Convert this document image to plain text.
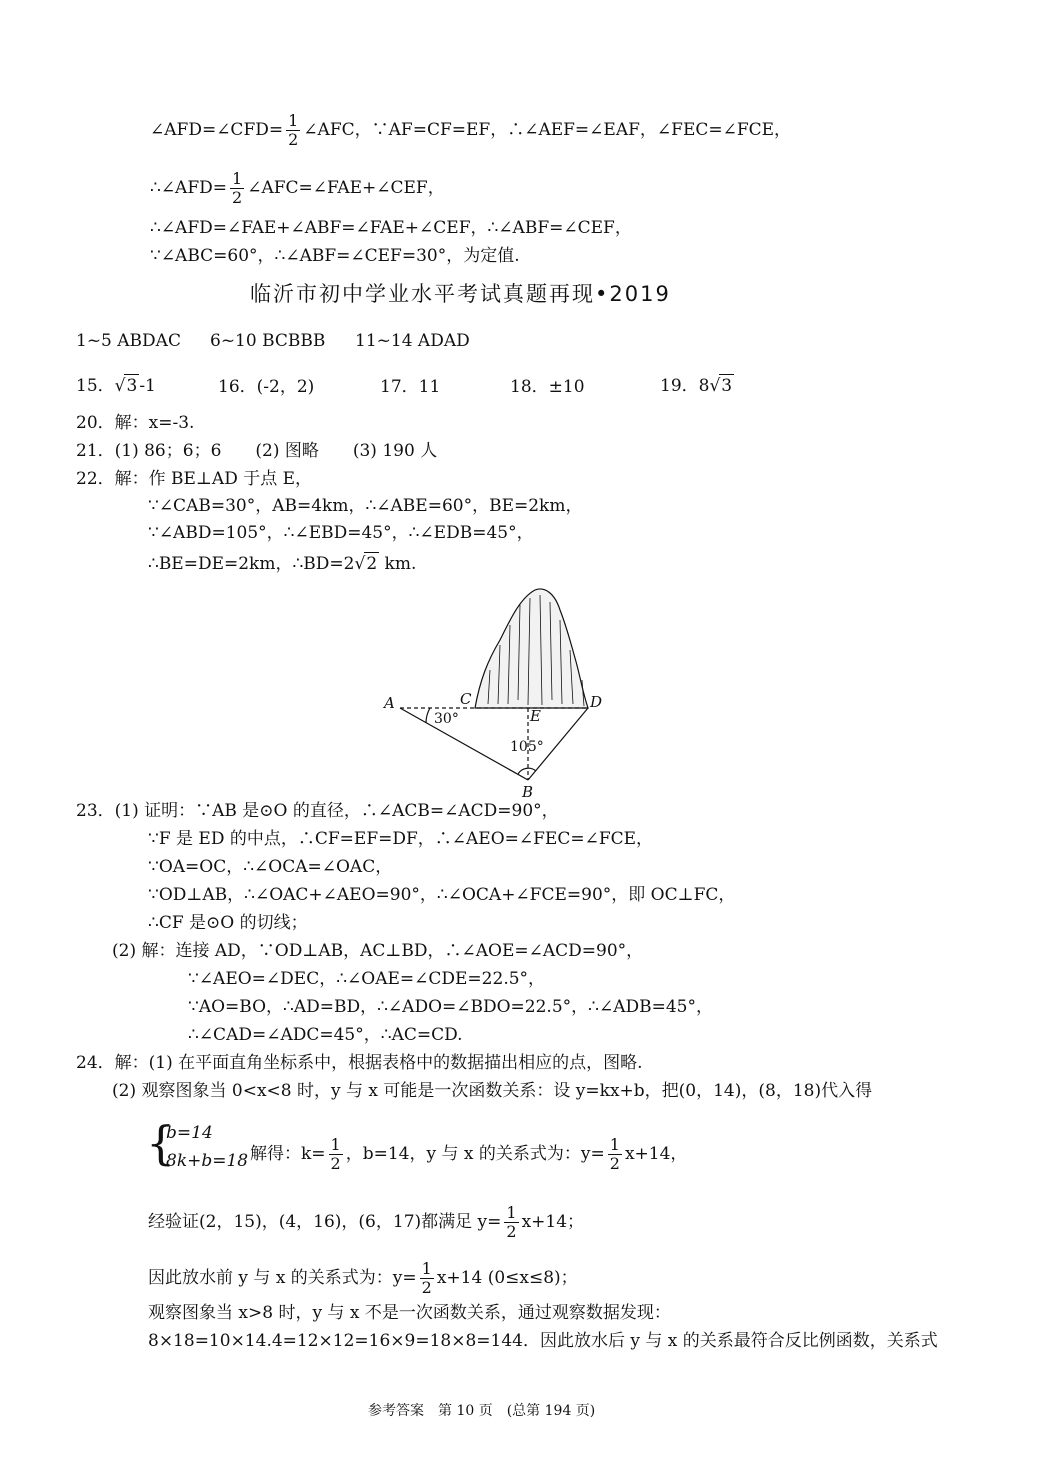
∠AFD=∠CFD= $\frac{1}{2}$ ∠AFC，∵AF=CF=EF，∴∠AEF=∠EAF，∠FEC=∠FCE，
∴∠AFD= $\frac{1}{2}$ ∠AFC=∠FAE+∠CEF，
∴∠AFD=∠FAE+∠ABF=∠FAE+∠CEF，∴∠ABF=∠CEF，
∵∠ABC=60°，∴∠ABF=∠CEF=30°，为定值.
临沂市初中学业水平考试真题再现•2019
1~5 ABDAC 6~10 BCBBB 11~14 ADAD
15．√3 -1	16．(-2，2)	17．11	18．±10	19．8√3
20．解：x=-3.
21．(1) 86；6；6　　(2) 图略　　(3) 190 人
22．解：作 BE⊥AD 于点 E，
∵∠CAB=30°，AB=4km，∴∠ABE=60°，BE=2km，
∵∠ABD=105°，∴∠EBD=45°，∴∠EDB=45°，
∴BE=DE=2km，∴BD=2√2 km.
A	C	D
E
B
30°
105°
23．(1) 证明：∵AB 是⊙O 的直径，∴∠ACB=∠ACD=90°，
∵F 是 ED 的中点，∴CF=EF=DF，∴∠AEO=∠FEC=∠FCE，
∵OA=OC，∴∠OCA=∠OAC，
∵OD⊥AB，∴∠OAC+∠AEO=90°，∴∠OCA+∠FCE=90°，即 OC⊥FC，
∴CF 是⊙O 的切线；
(2) 解：连接 AD，∵OD⊥AB，AC⊥BD，∴∠AOE=∠ACD=90°，
∵∠AEO=∠DEC，∴∠OAE=∠CDE=22.5°，
∵AO=BO，∴AD=BD，∴∠ADO=∠BDO=22.5°，∴∠ADB=45°，
∴∠CAD=∠ADC=45°，∴AC=CD.
24．解：(1) 在平面直角坐标系中，根据表格中的数据描出相应的点，图略.
(2) 观察图象当 0<x<8 时，y 与 x 可能是一次函数关系：设 y=kx+b，把(0，14)，(8，18)代入得
{
b=14
8k+b=18 解得：$k= \frac{1}{2}$ ，b=14，y 与 x 的关系式为：$y= \frac{1}{2} x+14$，
经验证(2，15)，(4，16)，(6，17)都满足 $y= \frac{1}{2} x+14$；
因此放水前 y 与 x 的关系式为：$y= \frac{1}{2} x+14$ (0≤x≤8)；
观察图象当 x>8 时，y 与 x 不是一次函数关系，通过观察数据发现：
8×18=10×14.4=12×12=16×9=18×8=144．因此放水后 y 与 x 的关系最符合反比例函数，关系式
参考答案　第 10 页　(总第 194 页)
